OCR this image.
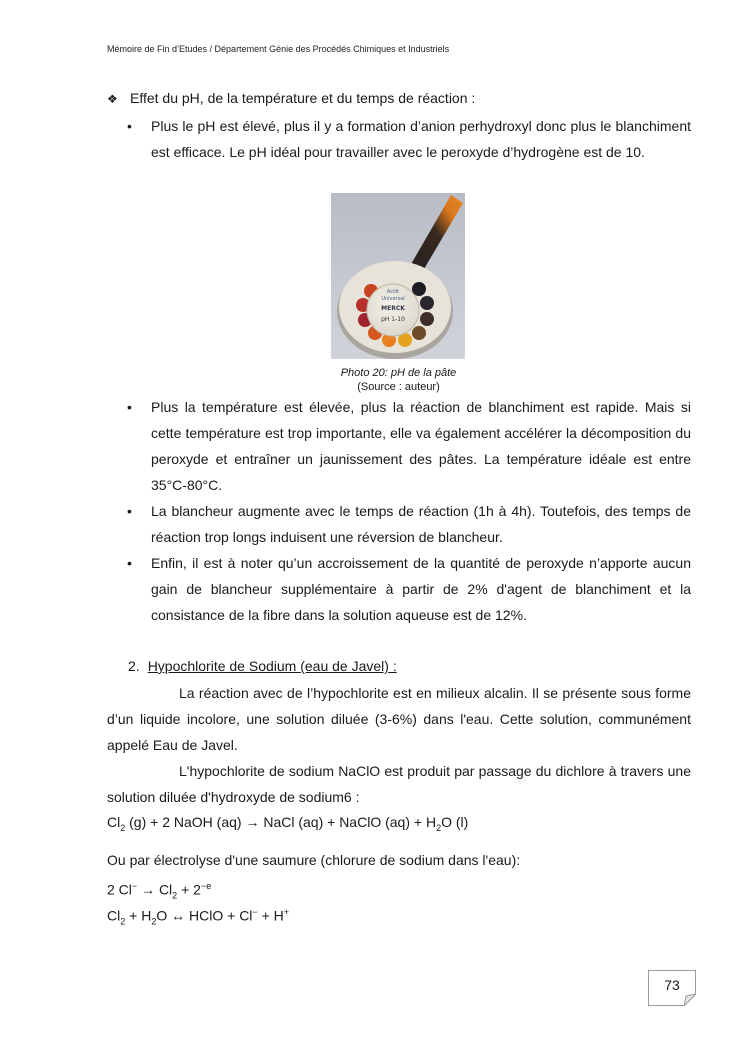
Mémoire de Fin d’Etudes / Département Génie des Procédés Chimiques et Industriels
❖ Effet du pH, de la température et du temps de réaction :
• Plus le pH est élevé, plus il y a formation d’anion perhydroxyl donc plus le blanchiment est efficace. Le pH idéal pour travailler avec le peroxyde d’hydrogène est de 10.
Acilit
Universal
MERCK
pH 1-10
Photo 20: pH de la pâte
(Source : auteur)
• Plus la température est élevée, plus la réaction de blanchiment est rapide. Mais si cette température est trop importante, elle va également accélérer la décomposition du peroxyde et entraîner un jaunissement des pâtes. La température idéale est entre 35°C-80°C.
• La blancheur augmente avec le temps de réaction (1h à 4h). Toutefois, des temps de réaction trop longs induisent une réversion de blancheur.
• Enfin, il est à noter qu’un accroissement de la quantité de peroxyde n’apporte aucun gain de blancheur supplémentaire à partir de 2% d'agent de blanchiment et la consistance de la fibre dans la solution aqueuse est de 12%.
2. Hypochlorite de Sodium (eau de Javel) :

La réaction avec de l’hypochlorite est en milieux alcalin. Il se présente sous forme d’un liquide incolore, une solution diluée (3-6%) dans l'eau. Cette solution, communément appelé Eau de Javel.

L'hypochlorite de sodium NaClO est produit par passage du dichlore à travers une solution diluée d'hydroxyde de sodium6 :

$Cl_2$ (g) + 2 NaOH (aq) → NaCl (aq) + NaClO $(aq) + H_2O$ (l)
Ou par électrolyse d'une saumure (chlorure de sodium dans l'eau):
2 $Cl^- \to Cl_2 + 2^{-e}$
$Cl_2 + H_2O$ ↔ HClO + Cl− + H+
73
